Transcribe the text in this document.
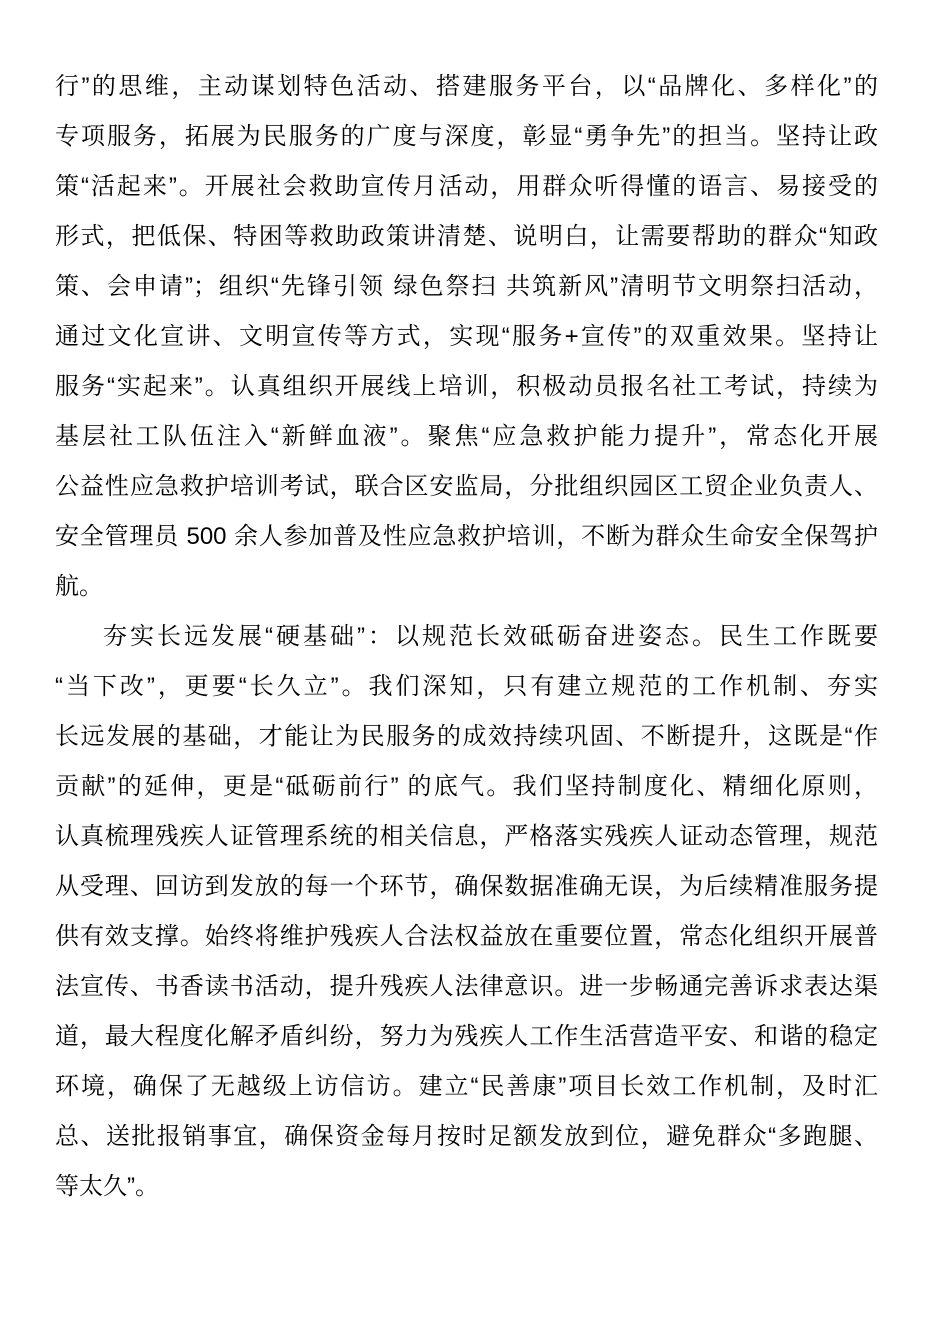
行”的思维，主动谋划特色活动、搭建服务平台，以“品牌化、多样化”的
专项服务，拓展为民服务的广度与深度，彰显“勇争先”的担当。坚持让政
策“活起来”。开展社会救助宣传月活动，用群众听得懂的语言、易接受的
形式，把低保、特困等救助政策讲清楚、说明白，让需要帮助的群众“知政
策、会申请”；组织“先锋引领 绿色祭扫 共筑新风”清明节文明祭扫活动，
通过文化宣讲、文明宣传等方式，实现“服务+宣传”的双重效果。坚持让
服务“实起来”。认真组织开展线上培训，积极动员报名社工考试，持续为
基层社工队伍注入“新鲜血液”。聚焦“应急救护能力提升”，常态化开展
公益性应急救护培训考试，联合区安监局，分批组织园区工贸企业负责人、
安全管理员 500 余人参加普及性应急救护培训，不断为群众生命安全保驾护
航。
夯实长远发展“硬基础”：以规范长效砥砺奋进姿态。民生工作既要
“当下改”，更要“长久立”。我们深知，只有建立规范的工作机制、夯实
长远发展的基础，才能让为民服务的成效持续巩固、不断提升，这既是“作
贡献”的延伸，更是“砥砺前行” 的底气。我们坚持制度化、精细化原则，
认真梳理残疾人证管理系统的相关信息，严格落实残疾人证动态管理，规范
从受理、回访到发放的每一个环节，确保数据准确无误，为后续精准服务提
供有效支撑。始终将维护残疾人合法权益放在重要位置，常态化组织开展普
法宣传、书香读书活动，提升残疾人法律意识。进一步畅通完善诉求表达渠
道，最大程度化解矛盾纠纷，努力为残疾人工作生活营造平安、和谐的稳定
环境，确保了无越级上访信访。建立“民善康”项目长效工作机制，及时汇
总、送批报销事宜，确保资金每月按时足额发放到位，避免群众“多跑腿、
等太久”。
